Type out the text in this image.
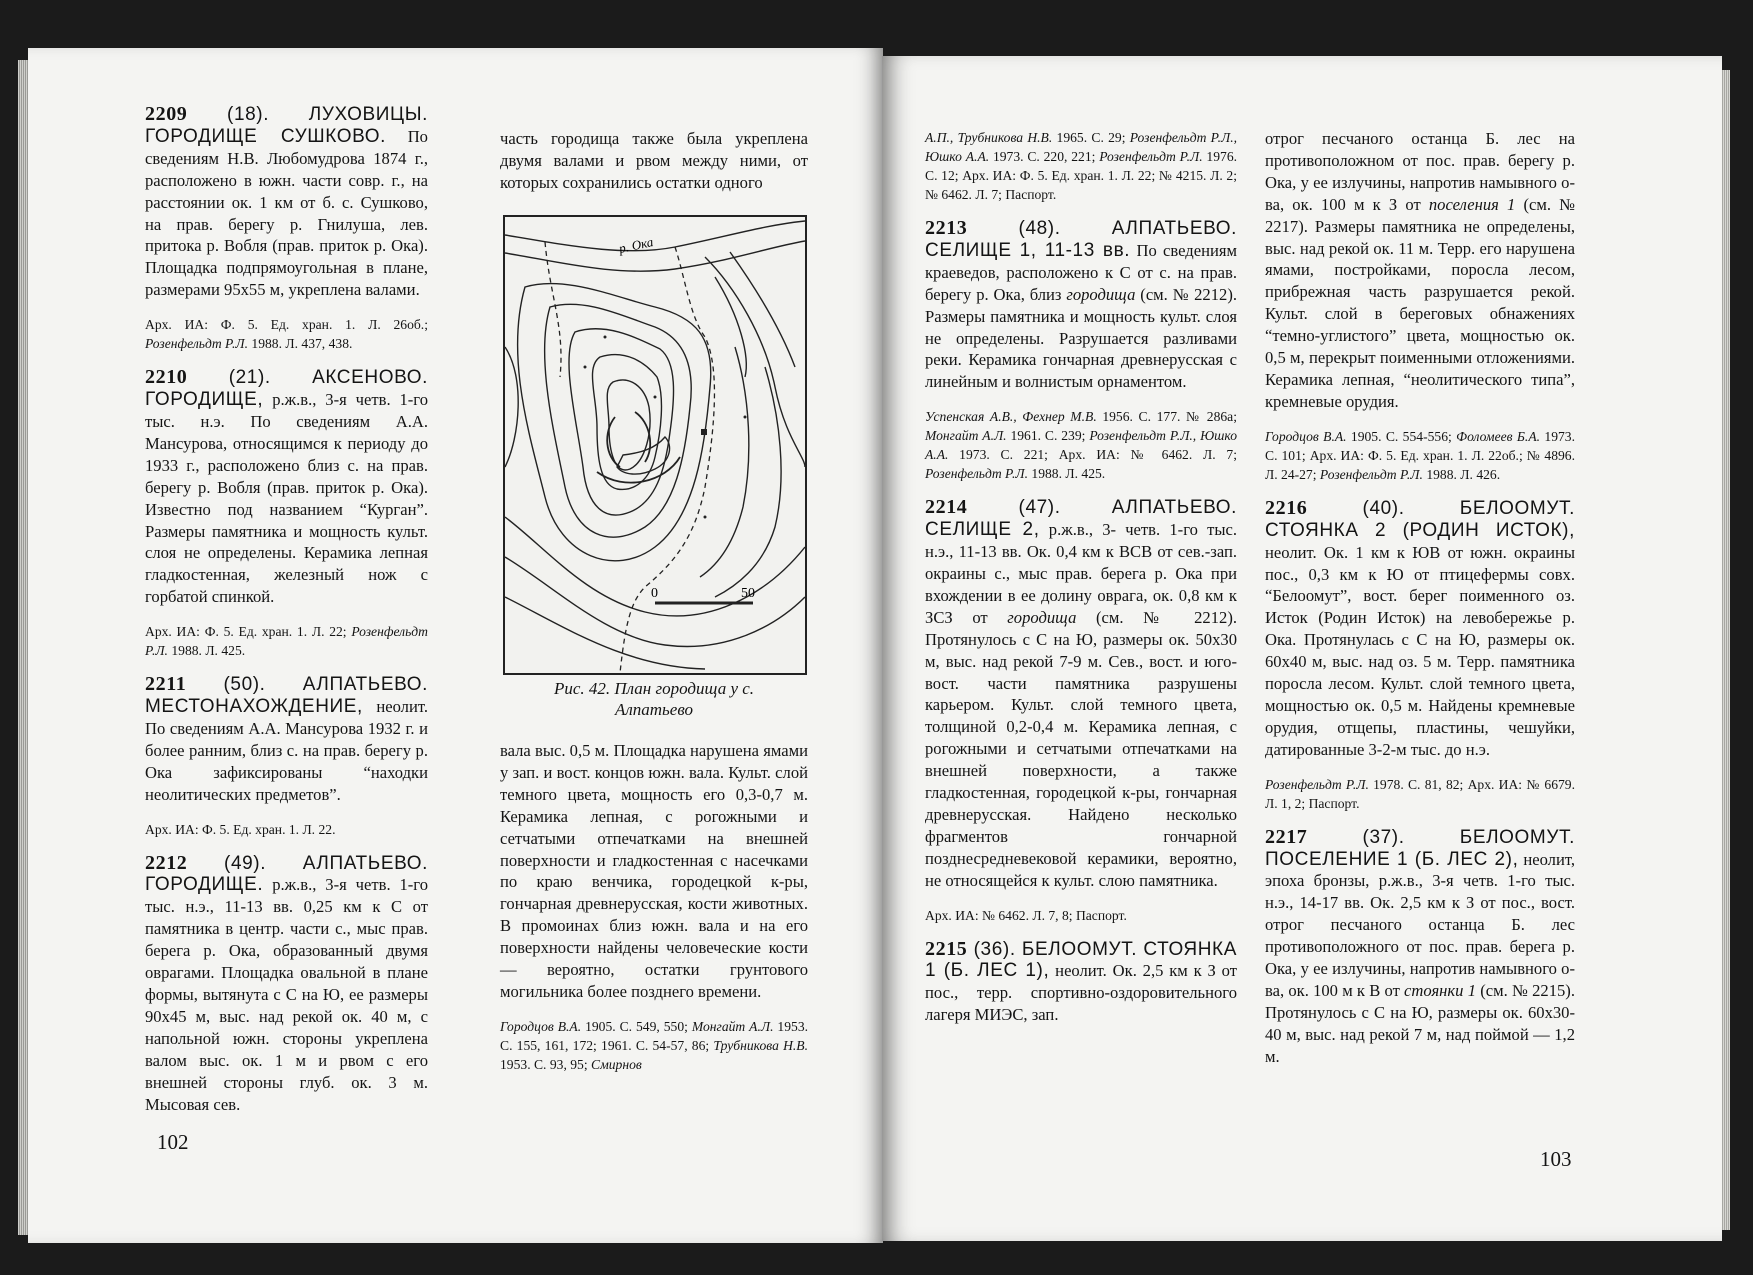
2209 (18). ЛУХОВИЦЫ. ГОРОДИЩЕ СУШКОВО. По сведениям Н.В. Любомудрова 1874 г., расположено в южн. части совр. г., на расстоянии ок. 1 км от б. с. Сушково, на прав. берегу р. Гнилуша, лев. притока р. Вобля (прав. приток р. Ока). Площадка подпрямоугольная в плане, размерами 95х55 м, укреплена валами.

Арх. ИА: Ф. 5. Ед. хран. 1. Л. 26об.; Розенфельдт Р.Л. 1988. Л. 437, 438.

2210 (21). АКСЕНОВО. ГОРОДИЩЕ, р.ж.в., 3-я четв. 1-го тыс. н.э. По сведениям А.А. Мансурова, относящимся к периоду до 1933 г., расположено близ с. на прав. берегу р. Вобля (прав. приток р. Ока). Известно под названием “Курган”. Размеры памятника и мощность культ. слоя не определены. Керамика лепная гладкостенная, железный нож с горбатой спинкой.

Арх. ИА: Ф. 5. Ед. хран. 1. Л. 22; Розенфельдт Р.Л. 1988. Л. 425.

2211 (50). АЛПАТЬЕВО. МЕСТОНАХОЖДЕНИЕ, неолит. По сведениям А.А. Мансурова 1932 г. и более ранним, близ с. на прав. берегу р. Ока зафиксированы “находки неолитических предметов”.

Арх. ИА: Ф. 5. Ед. хран. 1. Л. 22.

2212 (49). АЛПАТЬЕВО. ГОРОДИЩЕ. р.ж.в., 3-я четв. 1-го тыс. н.э., 11-13 вв. 0,25 км к С от памятника в центр. части с., мыс прав. берега р. Ока, образованный двумя оврагами. Площадка овальной в плане формы, вытянута с С на Ю, ее размеры 90х45 м, выс. над рекой ок. 40 м, с напольной южн. стороны укреплена валом выс. ок. 1 м и рвом с его внешней стороны глуб. ок. 3 м. Мысовая сев.

часть городища также была укреплена двумя валами и рвом между ними, от которых сохранились остатки одного

0	50
р. Ока
Рис. 42. План городища у с.
Алпатьево

вала выс. 0,5 м. Площадка нарушена ямами у зап. и вост. концов южн. вала. Культ. слой темного цвета, мощность его 0,3-0,7 м. Керамика лепная, с рогожными и сетчатыми отпечатками на внешней поверхности и гладкостенная с насечками по краю венчика, городецкой к-ры, гончарная древнерусская, кости животных. В промоинах близ южн. вала и на его поверхности найдены человеческие кости — вероятно, остатки грунтового могильника более позднего времени.

Городцов В.А. 1905. С. 549, 550; Монгайт А.Л. 1953. С. 155, 161, 172; 1961. С. 54-57, 86; Трубникова Н.В. 1953. С. 93, 95; Смирнов

102

А.П., Трубникова Н.В. 1965. С. 29; Розенфельдт Р.Л., Юшко А.А. 1973. С. 220, 221; Розенфельдт Р.Л. 1976. С. 12; Арх. ИА: Ф. 5. Ед. хран. 1. Л. 22; № 4215. Л. 2; № 6462. Л. 7; Паспорт.

2213 (48). АЛПАТЬЕВО. СЕЛИЩЕ 1, 11-13 вв. По сведениям краеведов, расположено к С от с. на прав. берегу р. Ока, близ городища (см. № 2212). Размеры памятника и мощность культ. слоя не определены. Разрушается разливами реки. Керамика гончарная древнерусская с линейным и волнистым орнаментом.

Успенская А.В., Фехнер М.В. 1956. С. 177. № 286а; Монгайт А.Л. 1961. С. 239; Розенфельдт Р.Л., Юшко А.А. 1973. С. 221; Арх. ИА: № 6462. Л. 7; Розенфельдт Р.Л. 1988. Л. 425.

2214 (47). АЛПАТЬЕВО. СЕЛИЩЕ 2, р.ж.в., 3- четв. 1-го тыс. н.э., 11-13 вв. Ок. 0,4 км к ВСВ от сев.-зап. окраины с., мыс прав. берега р. Ока при вхождении в ее долину оврага, ок. 0,8 км к ЗСЗ от городища (см. № 2212). Протянулось с С на Ю, размеры ок. 50х30 м, выс. над рекой 7-9 м. Сев., вост. и юго-вост. части памятника разрушены карьером. Культ. слой темного цвета, толщиной 0,2-0,4 м. Керамика лепная, с рогожными и сетчатыми отпечатками на внешней поверхности, а также гладкостенная, городецкой к-ры, гончарная древнерусская. Найдено несколько фрагментов гончарной позднесредневековой керамики, вероятно, не относящейся к культ. слою памятника.

Арх. ИА: № 6462. Л. 7, 8; Паспорт.

2215 (36). БЕЛООМУТ. СТОЯНКА 1 (Б. ЛЕС 1), неолит. Ок. 2,5 км к З от пос., терр. спортивно-оздоровительного лагеря МИЭС, зап.

отрог песчаного останца Б. лес на противоположном от пос. прав. берегу р. Ока, у ее излучины, напротив намывного о-ва, ок. 100 м к З от поселения 1 (см. № 2217). Размеры памятника не определены, выс. над рекой ок. 11 м. Терр. его нарушена ямами, постройками, поросла лесом, прибрежная часть разрушается рекой. Культ. слой в береговых обнажениях “темно-углистого” цвета, мощностью ок. 0,5 м, перекрыт поименными отложениями. Керамика лепная, “неолитического типа”, кремневые орудия.

Городцов В.А. 1905. С. 554-556; Фоломеев Б.А. 1973. С. 101; Арх. ИА: Ф. 5. Ед. хран. 1. Л. 22об.; № 4896. Л. 24-27; Розенфельдт Р.Л. 1988. Л. 426.

2216 (40). БЕЛООМУТ. СТОЯНКА 2 (РОДИН ИСТОК), неолит. Ок. 1 км к ЮВ от южн. окраины пос., 0,3 км к Ю от птицефермы совх. “Белоомут”, вост. берег поименного оз. Исток (Родин Исток) на левобережье р. Ока. Протянулась с С на Ю, размеры ок. 60х40 м, выс. над оз. 5 м. Терр. памятника поросла лесом. Культ. слой темного цвета, мощностью ок. 0,5 м. Найдены кремневые орудия, отщепы, пластины, чешуйки, датированные 3-2-м тыс. до н.э.

Розенфельдт Р.Л. 1978. С. 81, 82; Арх. ИА: № 6679. Л. 1, 2; Паспорт.

2217 (37). БЕЛООМУТ. ПОСЕЛЕНИЕ 1 (Б. ЛЕС 2), неолит, эпоха бронзы, р.ж.в., 3-я четв. 1-го тыс. н.э., 14-17 вв. Ок. 2,5 км к З от пос., вост. отрог песчаного останца Б. лес противоположного от пос. прав. берега р. Ока, у ее излучины, напротив намывного о-ва, ок. 100 м к В от стоянки 1 (см. № 2215). Протянулось с С на Ю, размеры ок. 60х30-40 м, выс. над рекой 7 м, над поймой — 1,2 м.

103
